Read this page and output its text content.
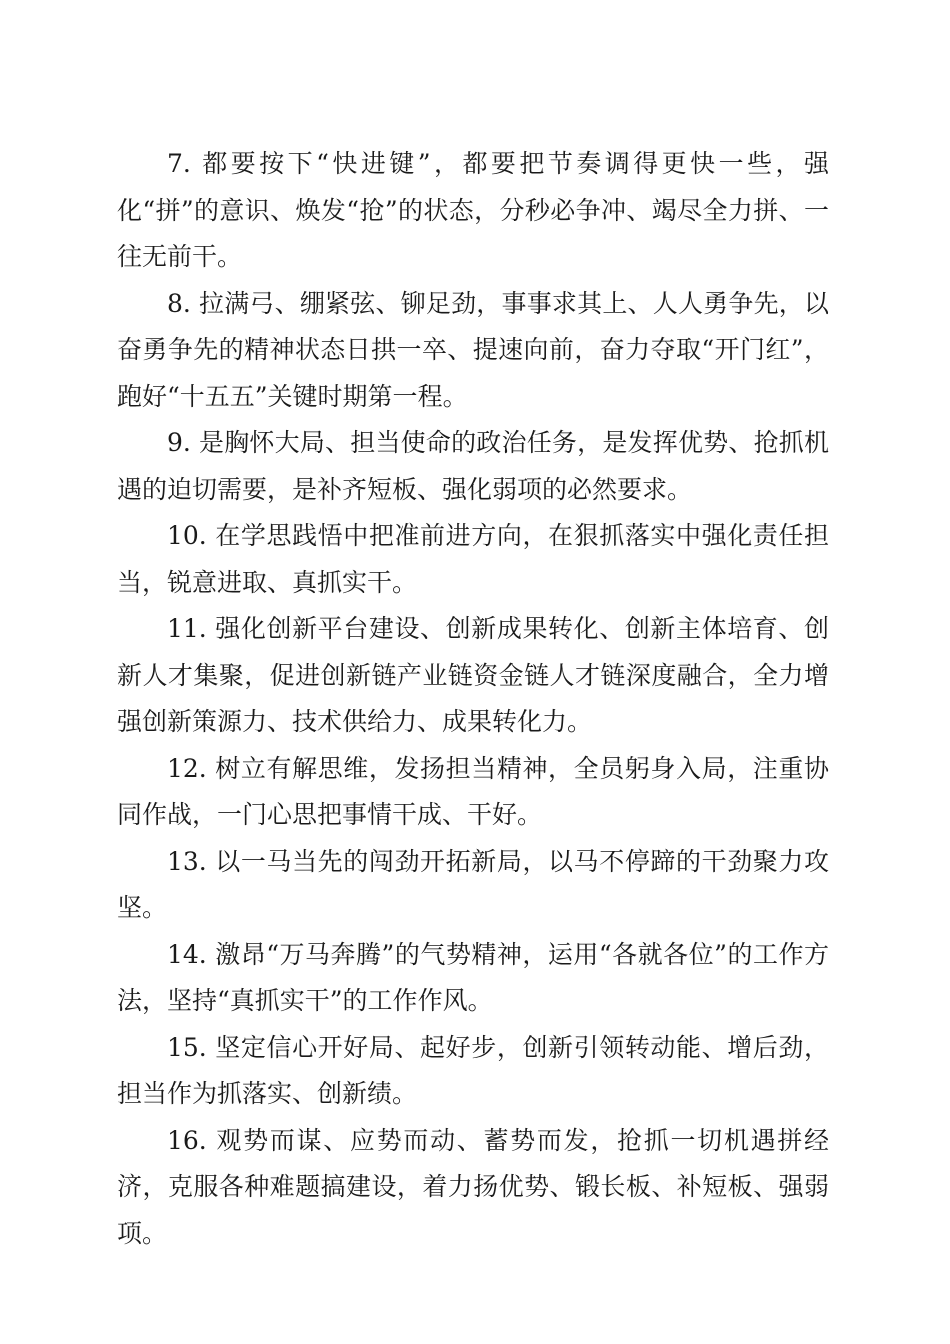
7. 都要按下“快进键”，都要把节奏调得更快一些，强化“拼”的意识、焕发“抢”的状态，分秒必争冲、竭尽全力拼、一往无前干。

8. 拉满弓、绷紧弦、铆足劲，事事求其上、人人勇争先，以奋勇争先的精神状态日拱一卒、提速向前，奋力夺取“开门红”，跑好“十五五”关键时期第一程。

9. 是胸怀大局、担当使命的政治任务，是发挥优势、抢抓机遇的迫切需要，是补齐短板、强化弱项的必然要求。

10. 在学思践悟中把准前进方向，在狠抓落实中强化责任担当，锐意进取、真抓实干。

11. 强化创新平台建设、创新成果转化、创新主体培育、创新人才集聚，促进创新链产业链资金链人才链深度融合，全力增强创新策源力、技术供给力、成果转化力。

12. 树立有解思维，发扬担当精神，全员躬身入局，注重协同作战，一门心思把事情干成、干好。

13. 以一马当先的闯劲开拓新局，以马不停蹄的干劲聚力攻坚。

14. 激昂“万马奔腾”的气势精神，运用“各就各位”的工作方法，坚持“真抓实干”的工作作风。

15. 坚定信心开好局、起好步，创新引领转动能、增后劲，担当作为抓落实、创新绩。

16. 观势而谋、应势而动、蓄势而发，抢抓一切机遇拼经济，克服各种难题搞建设，着力扬优势、锻长板、补短板、强弱项。
